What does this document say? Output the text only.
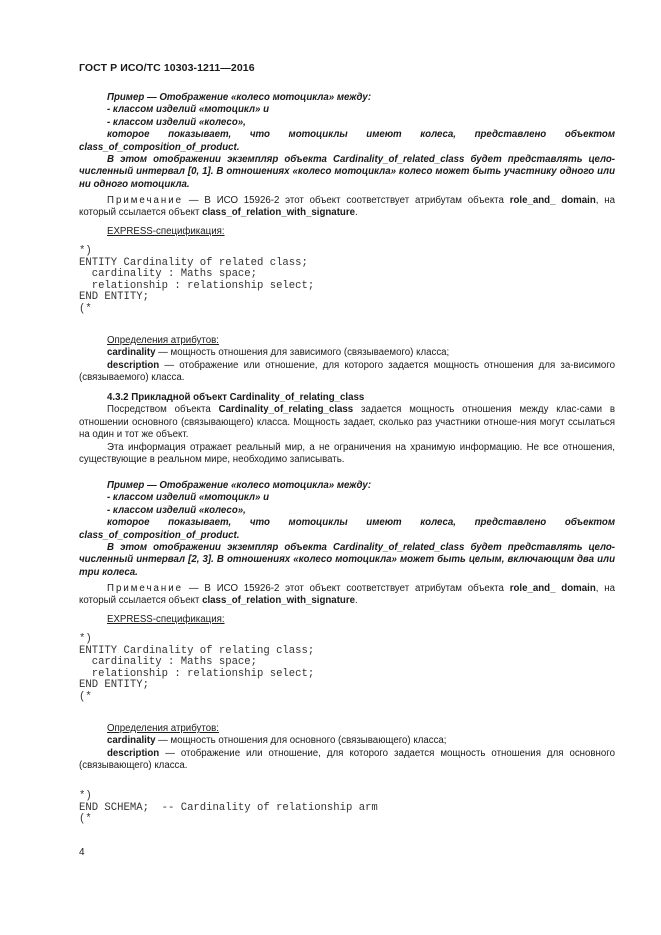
ГОСТ Р ИСО/ТС 10303-1211—2016
Пример — Отображение «колесо мотоцикла» между:
- классом изделий «мотоцикл» и
- классом изделий «колесо»,
которое показывает, что мотоциклы имеют колеса, представлено объектом
class_of_composition_of_product.
В этом отображении экземпляр объекта Cardinality_of_related_class будет представлять цело-численный интервал [0, 1]. В отношениях «колесо мотоцикла» колесо может быть участнику одного или ни одного мотоцикла.
Примечание — В ИСО 15926-2 этот объект соответствует атрибутам объекта role_and_ domain, на который ссылается объект class_of_relation_with_signature.
EXPRESS-спецификация:
*)
ENTITY Cardinality of related class;
cardinality : Maths space;
relationship : relationship select;
END ENTITY;
(*
Определения атрибутов:
cardinality — мощность отношения для зависимого (связываемого) класса;
description — отображение или отношение, для которого задается мощность отношения для за-висимого (связываемого) класса.
4.3.2 Прикладной объект Cardinality_of_relating_class
Посредством объекта Cardinality_of_relating_class задается мощность отношения между клас-сами в отношении основного (связывающего) класса. Мощность задает, сколько раз участники отноше-ния могут ссылаться на один и тот же объект.
Эта информация отражает реальный мир, а не ограничения на хранимую информацию. Не все отношения, существующие в реальном мире, необходимо записывать.
Пример — Отображение «колесо мотоцикла» между:
- классом изделий «мотоцикл» и
- классом изделий «колесо»,
которое показывает, что мотоциклы имеют колеса, представлено объектом
class_of_composition_of_product.
В этом отображении экземпляр объекта Cardinality_of_related_class будет представлять цело-численный интервал [2, 3]. В отношениях «колесо мотоцикла» может быть целым, включающим два или три колеса.
Примечание — В ИСО 15926-2 этот объект соответствует атрибутам объекта role_and_ domain, на который ссылается объект class_of_relation_with_signature.
EXPRESS-спецификация:
*)
ENTITY Cardinality of relating class;
cardinality : Maths space;
relationship : relationship select;
END ENTITY;
(*
Определения атрибутов:
cardinality — мощность отношения для основного (связывающего) класса;
description — отображение или отношение, для которого задается мощность отношения для основного (связывающего) класса.
*)
END SCHEMA;  -- Cardinality of relationship arm
(*
4
